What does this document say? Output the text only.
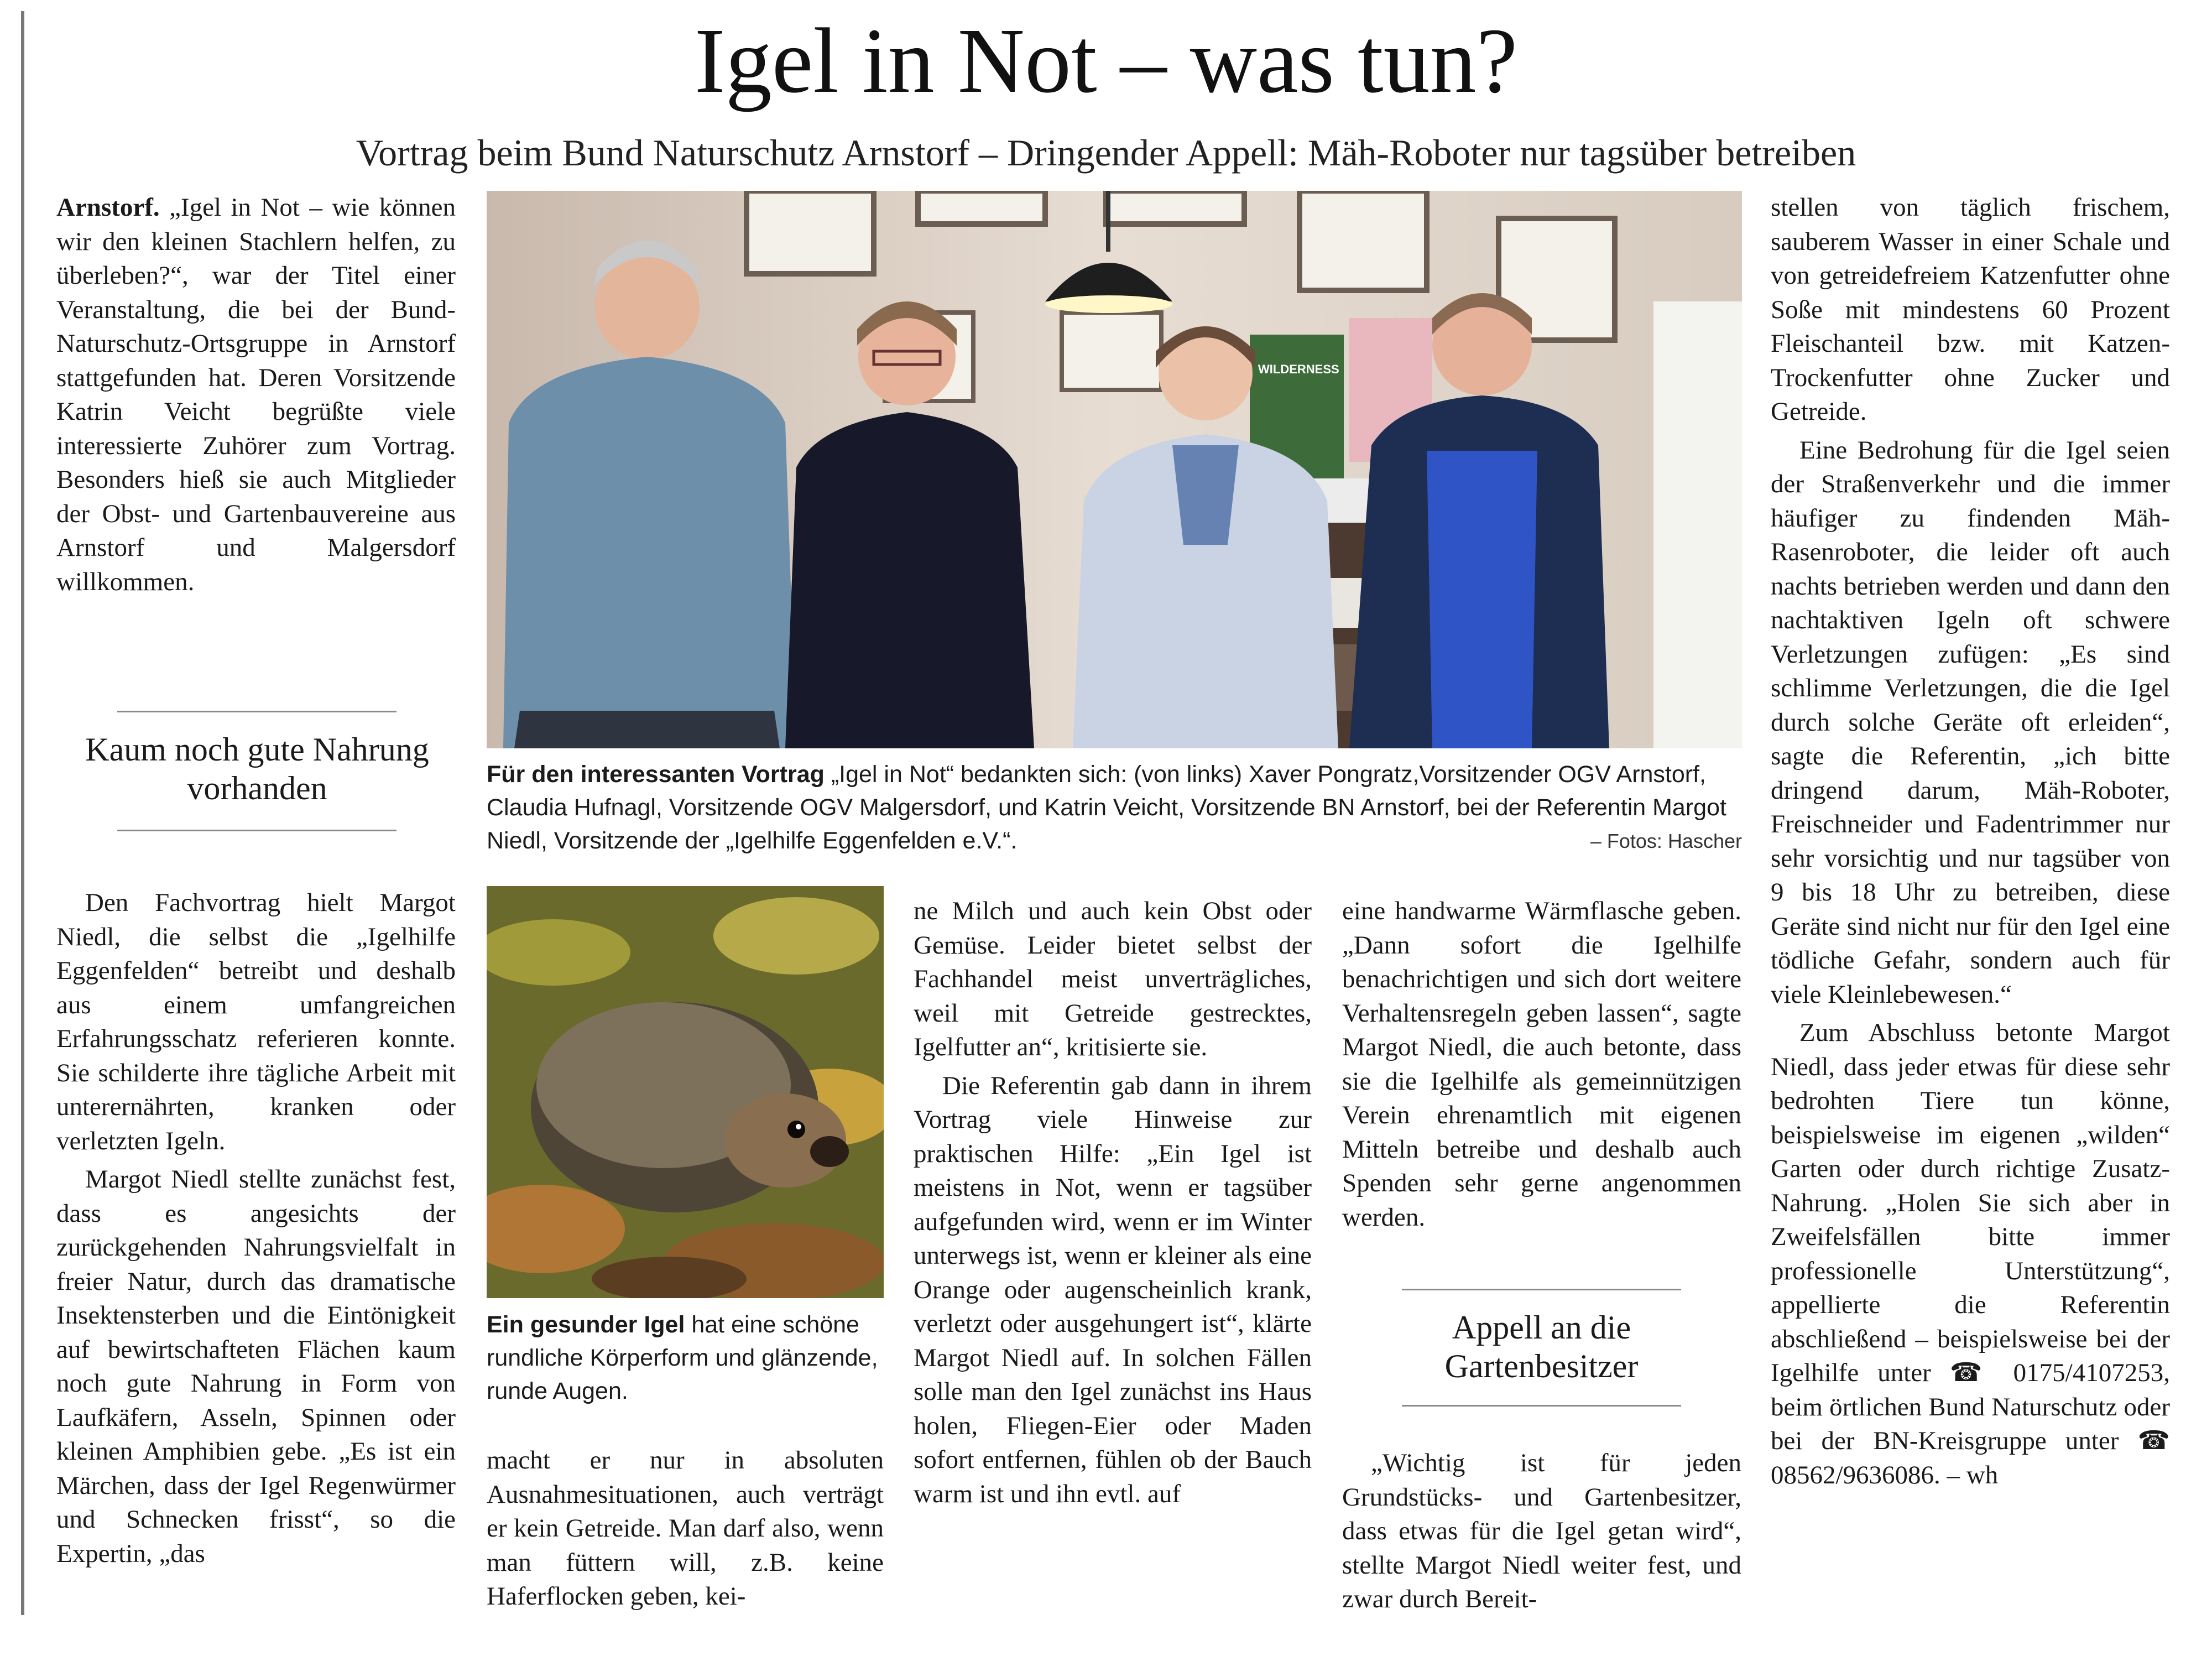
Igel in Not – was tun?
Vortrag beim Bund Naturschutz Arnstorf – Dringender Appell: Mäh-Roboter nur tagsüber betreiben

Arnstorf. „Igel in Not – wie können wir den kleinen Stachlern helfen, zu überleben?“, war der Titel einer Veranstaltung, die bei der Bund-Naturschutz-Ortsgruppe in Arnstorf stattgefunden hat. Deren Vorsitzende Katrin Veicht begrüßte viele interessierte Zuhörer zum Vortrag. Besonders hieß sie auch Mitglieder der Obst- und Gartenbauvereine aus Arnstorf und Malgersdorf willkommen.

Kaum noch gute Nahrung vorhanden

Den Fachvortrag hielt Margot Niedl, die selbst die „Igelhilfe Eggenfelden“ betreibt und deshalb aus einem umfangreichen Erfahrungsschatz referieren konnte. Sie schilderte ihre tägliche Arbeit mit unterernährten, kranken oder verletzten Igeln.

Margot Niedl stellte zunächst fest, dass es angesichts der zurückgehenden Nahrungsvielfalt in freier Natur, durch das dramatische Insektensterben und die Eintönigkeit auf bewirtschafteten Flächen kaum noch gute Nahrung in Form von Laufkäfern, Asseln, Spinnen oder kleinen Amphibien gebe. „Es ist ein Märchen, dass der Igel Regenwürmer und Schnecken frisst“, so die Expertin, „das

WILDERNESS
Für den interessanten Vortrag „Igel in Not“ bedankten sich: (von links) Xaver Pongratz,Vorsitzender OGV Arnstorf, Claudia Hufnagl, Vorsitzende OGV Malgersdorf, und Katrin Veicht, Vorsitzende BN Arnstorf, bei der Referentin Margot Niedl, Vorsitzende der „Igelhilfe Eggenfelden e.V.“.	– Fotos: Hascher
Ein gesunder Igel hat eine schöne rundliche Körperform und glänzende, runde Augen.

macht er nur in absoluten Ausnahmesituationen, auch verträgt er kein Getreide. Man darf also, wenn man füttern will, z.B. keine Haferflocken geben, kei-

ne Milch und auch kein Obst oder Gemüse. Leider bietet selbst der Fachhandel meist unverträgliches, weil mit Getreide gestrecktes, Igelfutter an“, kritisierte sie.

Die Referentin gab dann in ihrem Vortrag viele Hinweise zur praktischen Hilfe: „Ein Igel ist meistens in Not, wenn er tagsüber aufgefunden wird, wenn er im Winter unterwegs ist, wenn er kleiner als eine Orange oder augenscheinlich krank, verletzt oder ausgehungert ist“, klärte Margot Niedl auf. In solchen Fällen solle man den Igel zunächst ins Haus holen, Fliegen-Eier oder Maden sofort entfernen, fühlen ob der Bauch warm ist und ihn evtl. auf

eine handwarme Wärmflasche geben. „Dann sofort die Igelhilfe benachrichtigen und sich dort weitere Verhaltensregeln geben lassen“, sagte Margot Niedl, die auch betonte, dass sie die Igelhilfe als gemeinnützigen Verein ehrenamtlich mit eigenen Mitteln betreibe und deshalb auch Spenden sehr gerne angenommen werden.

Appell an die Gartenbesitzer

„Wichtig ist für jeden Grundstücks- und Gartenbesitzer, dass etwas für die Igel getan wird“, stellte Margot Niedl weiter fest, und zwar durch Bereit-

stellen von täglich frischem, sauberem Wasser in einer Schale und von getreidefreiem Katzenfutter ohne Soße mit mindestens 60 Prozent Fleischanteil bzw. mit Katzen-Trockenfutter ohne Zucker und Getreide.

Eine Bedrohung für die Igel seien der Straßenverkehr und die immer häufiger zu findenden Mäh-Rasenroboter, die leider oft auch nachts betrieben werden und dann den nachtaktiven Igeln oft schwere Verletzungen zufügen: „Es sind schlimme Verletzungen, die die Igel durch solche Geräte oft erleiden“, sagte die Referentin, „ich bitte dringend darum, Mäh-Roboter, Freischneider und Fadentrimmer nur sehr vorsichtig und nur tagsüber von 9 bis 18 Uhr zu betreiben, diese Geräte sind nicht nur für den Igel eine tödliche Gefahr, sondern auch für viele Kleinlebewesen.“

Zum Abschluss betonte Margot Niedl, dass jeder etwas für diese sehr bedrohten Tiere tun könne, beispielsweise im eigenen „wilden“ Garten oder durch richtige Zusatz-Nahrung. „Holen Sie sich aber in Zweifelsfällen bitte immer professionelle Unterstützung“, appellierte die Referentin abschließend – beispielsweise bei der Igelhilfe unter ☎ 0175/4107253, beim örtlichen Bund Naturschutz oder bei der BN-Kreisgruppe unter ☎ 08562/9636086. – wh
